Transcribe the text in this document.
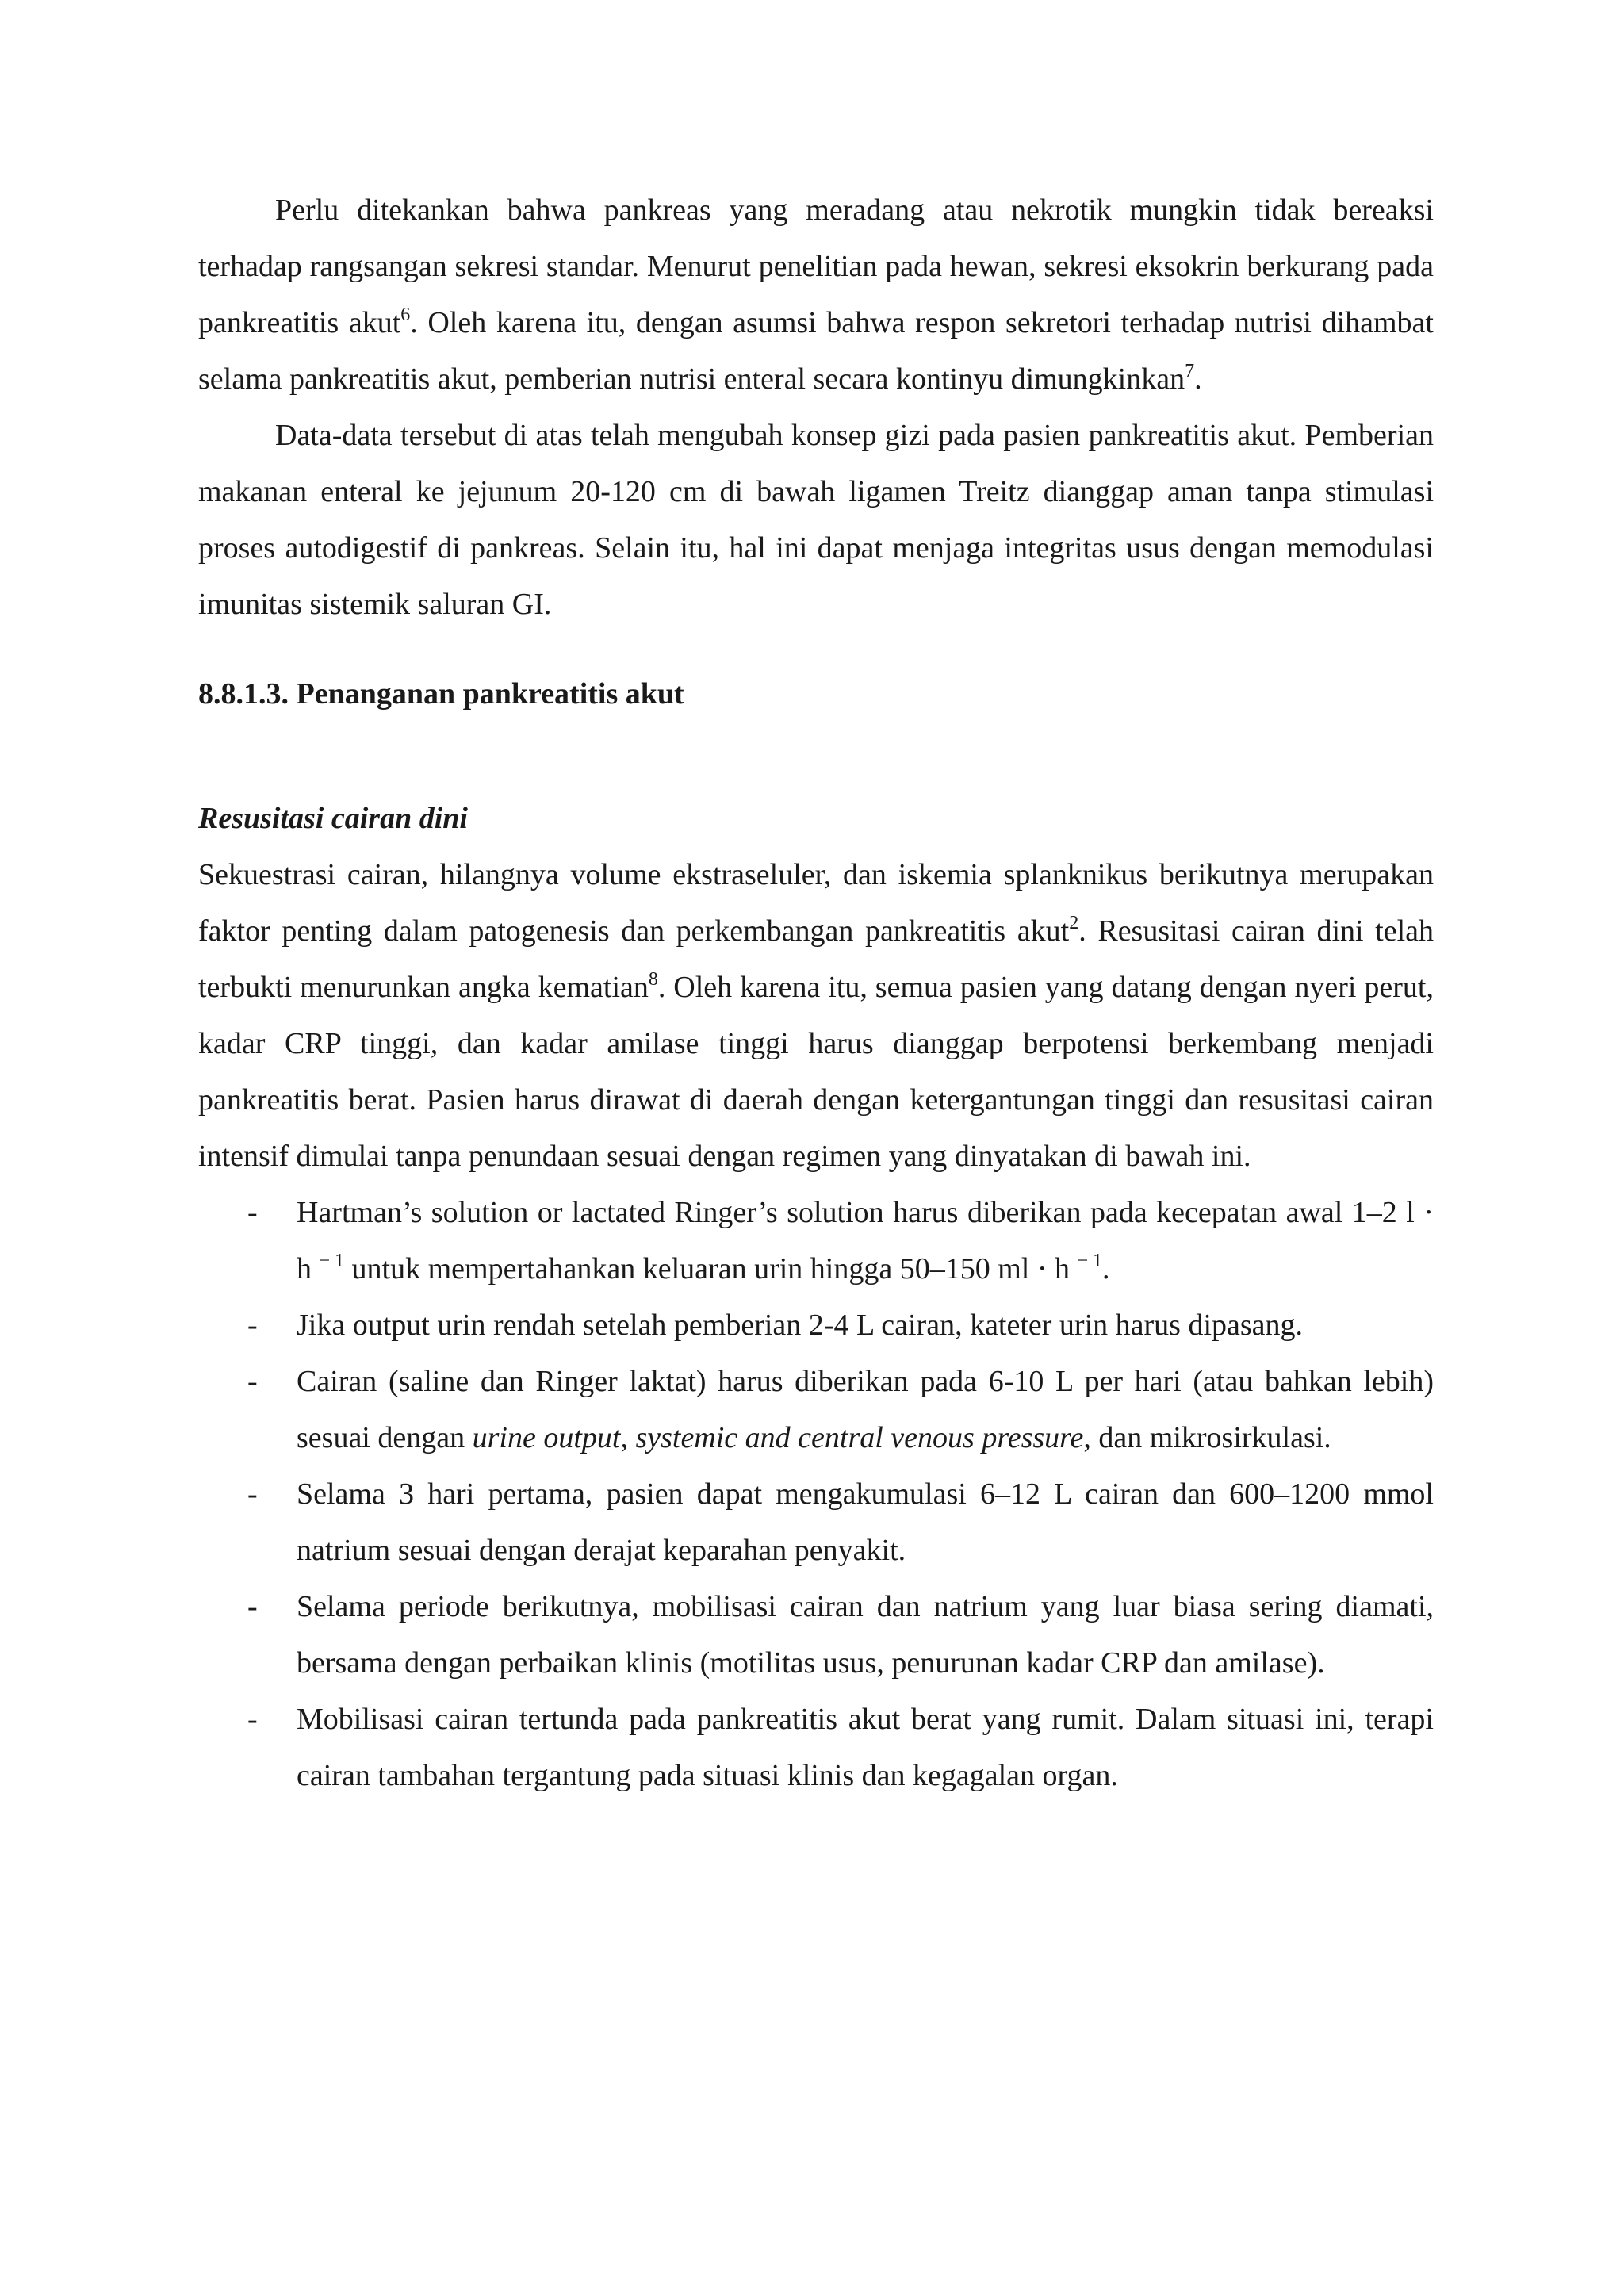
Perlu ditekankan bahwa pankreas yang meradang atau nekrotik mungkin tidak bereaksi terhadap rangsangan sekresi standar. Menurut penelitian pada hewan, sekresi eksokrin berkurang pada pankreatitis akut$^6$. Oleh karena itu, dengan asumsi bahwa respon sekretori terhadap nutrisi dihambat selama pankreatitis akut, pemberian nutrisi enteral secara kontinyu dimungkinkan$^7$.

Data-data tersebut di atas telah mengubah konsep gizi pada pasien pankreatitis akut. Pemberian makanan enteral ke jejunum 20-120 cm di bawah ligamen Treitz dianggap aman tanpa stimulasi proses autodigestif di pankreas. Selain itu, hal ini dapat menjaga integritas usus dengan memodulasi imunitas sistemik saluran GI.

8.8.1.3. Penanganan pankreatitis akut

Resusitasi cairan dini

Sekuestrasi cairan, hilangnya volume ekstraseluler, dan iskemia splanknikus berikutnya merupakan faktor penting dalam patogenesis dan perkembangan pankreatitis akut$^2$. Resusitasi cairan dini telah terbukti menurunkan angka kematian$^8$. Oleh karena itu, semua pasien yang datang dengan nyeri perut, kadar CRP tinggi, dan kadar amilase tinggi harus dianggap berpotensi berkembang menjadi pankreatitis berat. Pasien harus dirawat di daerah dengan ketergantungan tinggi dan resusitasi cairan intensif dimulai tanpa penundaan sesuai dengan regimen yang dinyatakan di bawah ini.

- Hartman’s solution or lactated Ringer’s solution harus diberikan pada kecepatan awal 1–2 l · h $^{- 1}$ untuk mempertahankan keluaran urin hingga 50–150 ml · h $^{- 1}$.
- Jika output urin rendah setelah pemberian 2-4 L cairan, kateter urin harus dipasang.
- Cairan (saline dan Ringer laktat) harus diberikan pada 6-10 L per hari (atau bahkan lebih) sesuai dengan urine output, systemic and central venous pressure, dan mikrosirkulasi.
- Selama 3 hari pertama, pasien dapat mengakumulasi 6–12 L cairan dan 600–1200 mmol natrium sesuai dengan derajat keparahan penyakit.
- Selama periode berikutnya, mobilisasi cairan dan natrium yang luar biasa sering diamati, bersama dengan perbaikan klinis (motilitas usus, penurunan kadar CRP dan amilase).
- Mobilisasi cairan tertunda pada pankreatitis akut berat yang rumit. Dalam situasi ini, terapi cairan tambahan tergantung pada situasi klinis dan kegagalan organ.
